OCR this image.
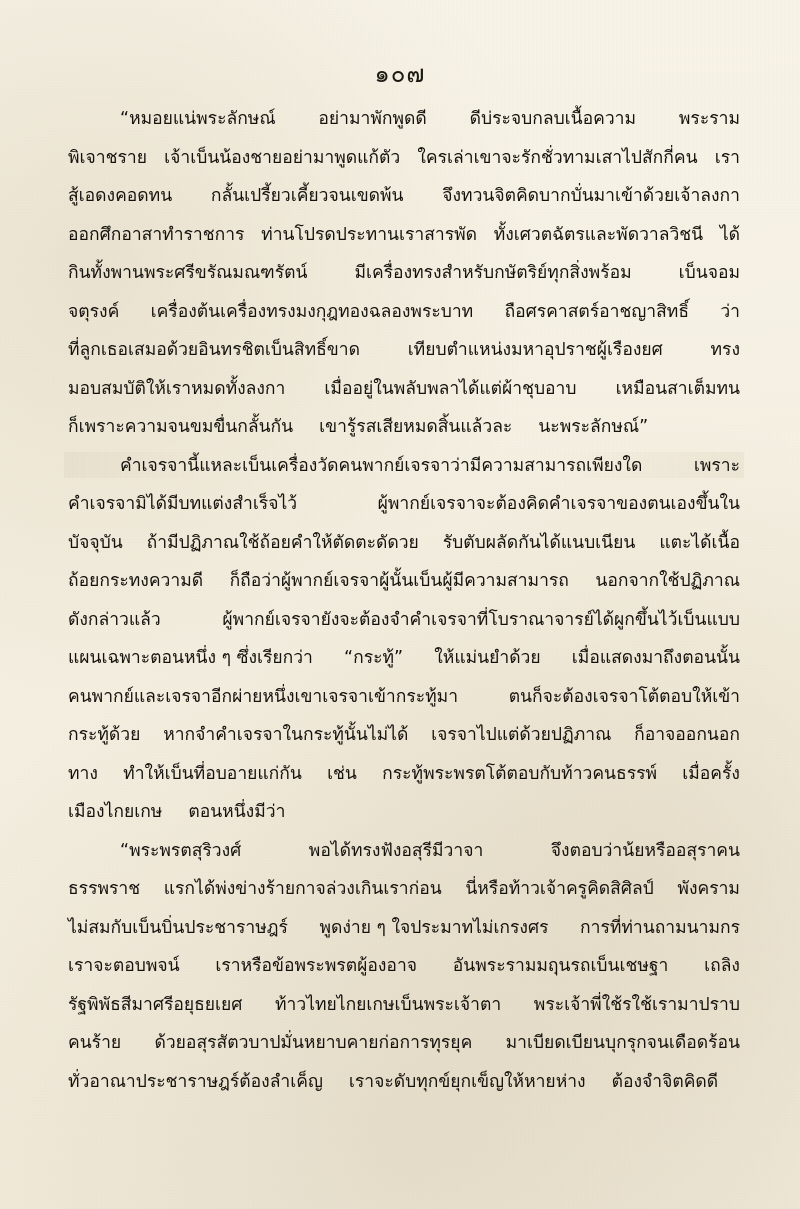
๑๐๗
“หมอยแน่พระลักษณ์ อย่ามาพักพูดดี ดีบ่ระจบกลบเนื้อความ พระราม
พิเจาชราย เจ้าเบ็นน้องชายอย่ามาพูดแก้ตัว ใครเล่าเขาจะรักชั่วทามเสาไปสักกี่คน เรา
สู้เอดงคอดทน กลั้นเปรี้ยวเคี้ยวจนเขดพ้น จึงทวนจิตคิดบากบั่นมาเข้าด้วยเจ้าลงกา
ออกศึกอาสาทำราชการ ท่านโปรดประทานเราสารพัด ทั้งเศวตฉัตรและพัดวาลวิชนี ได้
กินทั้งพานพระศรีขรัณมณฑรัตน์	มีเครื่องทรงสำหรับกษัตริย์ทุกสิ่งพร้อม	เบ็นจอม
จตุรงค์ เครื่องต้นเครื่องทรงมงกุฎทองฉลองพระบาท ถือศรคาสตร์อาชญาสิทธิ์ ว่า
ที่ลูกเธอเสมอด้วยอินทรชิตเบ็นสิทธิ์ขาด	เทียบตำแหน่งมหาอุปราชผู้เรืองยศ	ทรง
มอบสมบัติให้เราหมดทั้งลงกา เมื่ออยู่ในพลับพลาได้แต่ผ้าชุบอาบ เหมือนสาเต็มทน
ก็เพราะความจนขมขื่นกลั้นกัน เขารู้รสเสียหมดสิ้นแล้วละ นะพระลักษณ์”
คำเจรจานี้แหละเบ็นเครื่องวัดคนพากย์เจรจาว่ามีความสามารถเพียงใด	เพราะ
คำเจรจามิได้มีบทแต่งสำเร็จไว้	ผู้พากย์เจรจาจะต้องคิดคำเจรจาของตนเองขึ้นใน
บัจจุบัน ถ้ามีปฏิภาณใช้ถ้อยคำให้ตัดตะดัดวย รับตับผลัดกันได้แนบเนียน แตะได้เนื้อ
ถ้อยกระทงความดี ก็ถือว่าผู้พากย์เจรจาผู้นั้นเบ็นผู้มีความสามารถ นอกจากใช้ปฏิภาณ
ดังกล่าวแล้ว	ผู้พากย์เจรจายังจะต้องจำคำเจรจาที่โบราณาจารย์ได้ผูกขึ้นไว้เบ็นแบบ
แผนเฉพาะตอนหนึ่ง ๆ ซึ่งเรียกว่า “กระทู้” ให้แม่นยำด้วย เมื่อแสดงมาถึงตอนนั้น
คนพากย์และเจรจาอีกผ่ายหนึ่งเขาเจรจาเข้ากระทู้มา	ตนก็จะต้องเจรจาโต้ตอบให้เข้า
กระทู้ด้วย หากจำคำเจรจาในกระทู้นั้นไม่ได้ เจรจาไปแต่ด้วยปฏิภาณ ก็อาจออกนอก
ทาง ทำให้เบ็นที่อบอายแก่กัน เช่น กระทู้พระพรตโต้ตอบกับท้าวคนธรรพ์ เมื่อครั้ง
เมืองไกยเกษ ตอนหนึ่งมีว่า
“พระพรตสุริวงศ์	พอได้ทรงฟังอสุรีมีวาจา	จึงตอบว่าน้ยหรืออสุราคน
ธรรพราช แรกได้พ่งข่างร้ายกาจล่วงเกินเราก่อน นี่หรือท้าวเจ้าครูคิดสิศิลป์ พังคราม
ไม่สมกับเบ็นบิ่นประชาราษฎร์ พูดง่าย ๆ ใจประมาทไม่เกรงศร การที่ท่านถามนามกร
เราจะตอบพจน์ เราหรือข้อพระพรตผู้องอาจ อันพระรามมฤุนรถเบ็นเชษฐา เถลิง
รัฐพิพัธสีมาศรีอยุธยเยศ ท้าวไทยไกยเกษเบ็นพระเจ้าตา พระเจ้าพี่ใช้รใช้เรามาปราบ
คนร้าย ด้วยอสุรสัตวบาปมั่นหยาบคายก่อการทุรยุค มาเบียดเบียนบุกรุกจนเดือดร้อน
ทั่วอาณาประชาราษฎร์ต้องลำเค็ญ เราจะดับทุกข์ยุกเข็ญให้หายห่าง ต้องจำจิตคิดดี
